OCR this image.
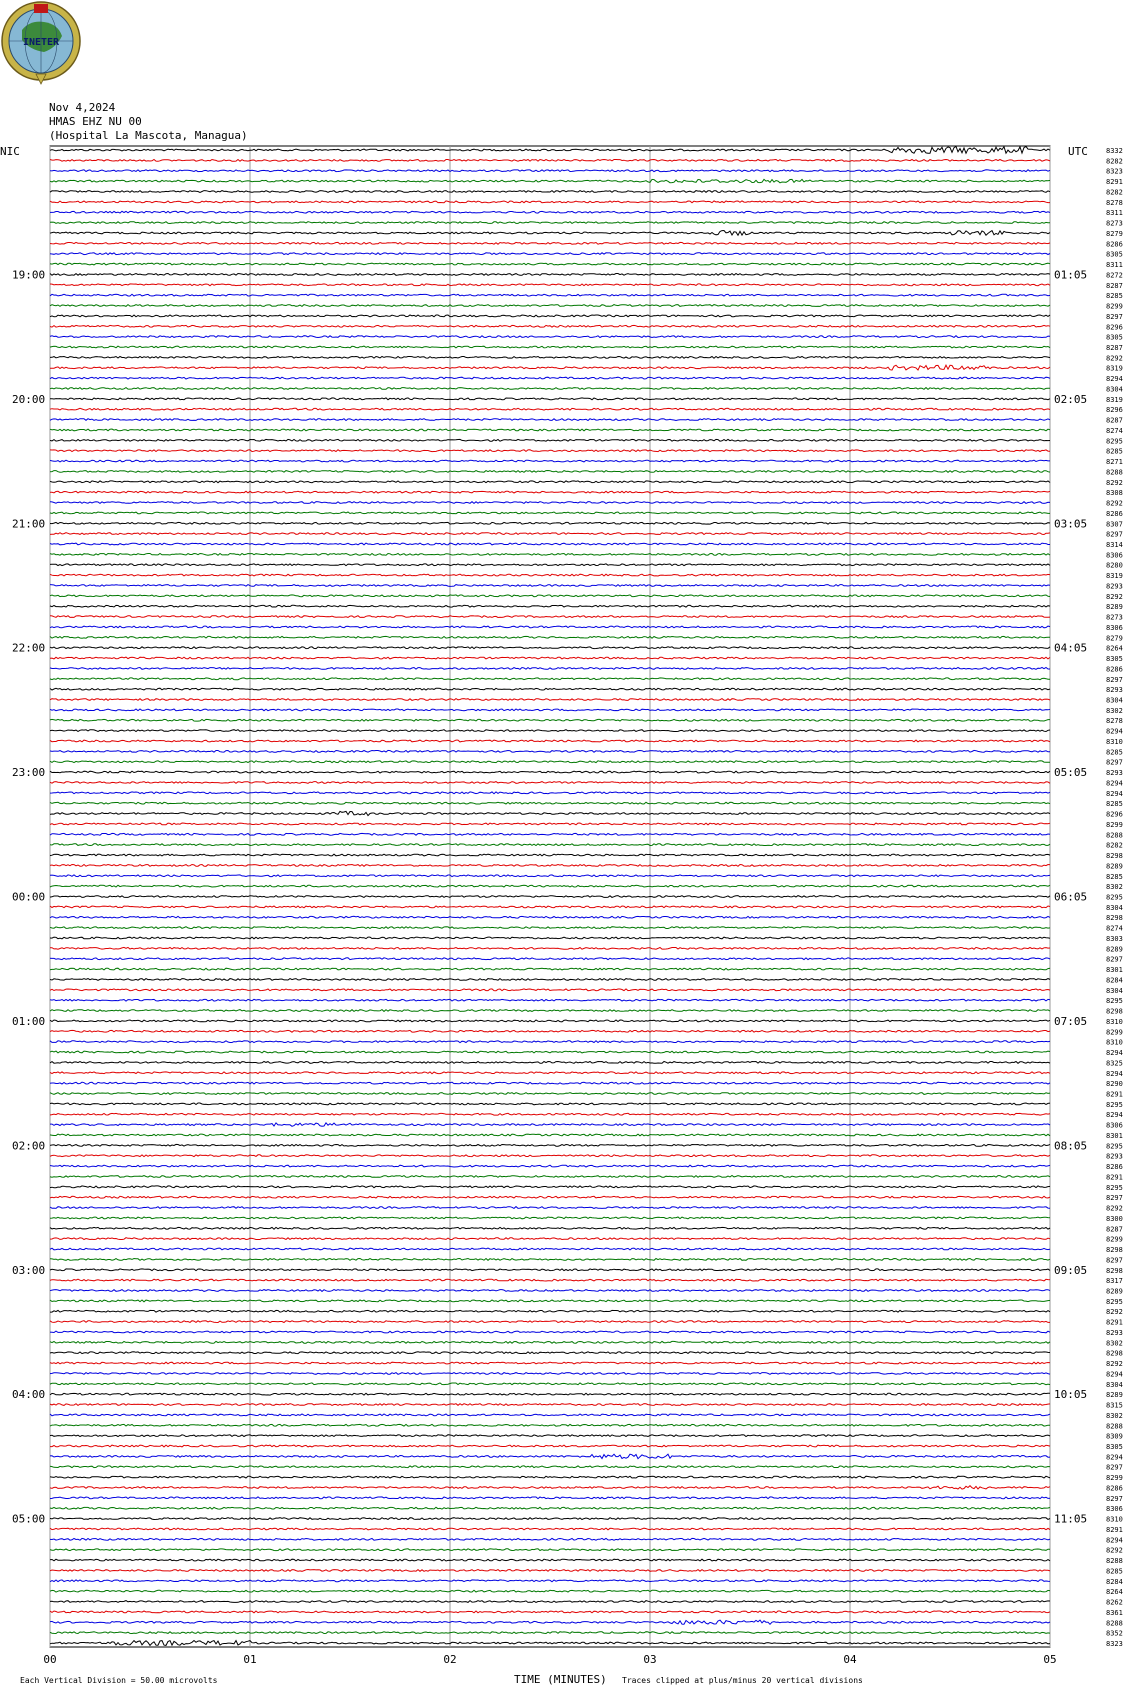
INETER
Nov 4,2024
HMAS EHZ NU 00
(Hospital La Mascota, Managua)
NIC	UTC
19:00
20:00
21:00
22:00
23:00
00:00
01:00
02:00
03:00
04:00
05:00
01:05
02:05
03:05
04:05
05:05
06:05
07:05
08:05
09:05
10:05
11:05
8332
8282
8323
8291
8282
8278
8311
8273
8279
8286
8305
8311
8272
8287
8285
8299
8297
8296
8305
8287
8292
8319
8294
8304
8319
8296
8287
8274
8295
8285
8271
8288
8292
8308
8292
8286
8307
8297
8314
8306
8280
8319
8293
8292
8289
8273
8306
8279
8264
8305
8286
8297
8293
8304
8302
8278
8294
8310
8285
8297
8293
8294
8294
8285
8296
8299
8288
8282
8298
8289
8285
8302
8295
8304
8298
8274
8303
8289
8297
8301
8284
8304
8295
8298
8310
8299
8310
8294
8325
8294
8290
8291
8295
8294
8306
8301
8295
8293
8286
8291
8295
8297
8292
8300
8287
8299
8298
8297
8298
8317
8289
8295
8292
8291
8293
8302
8298
8292
8294
8304
8289
8315
8302
8288
8309
8305
8294
8297
8299
8286
8297
8306
8310
8291
8294
8292
8288
8285
8284
8264
8262
8361
8288
8352
8323
00	01	02	03	04	05
Each Vertical Division = 50.00 microvolts	TIME (MINUTES) Traces clipped at plus/minus 20 vertical divisions
